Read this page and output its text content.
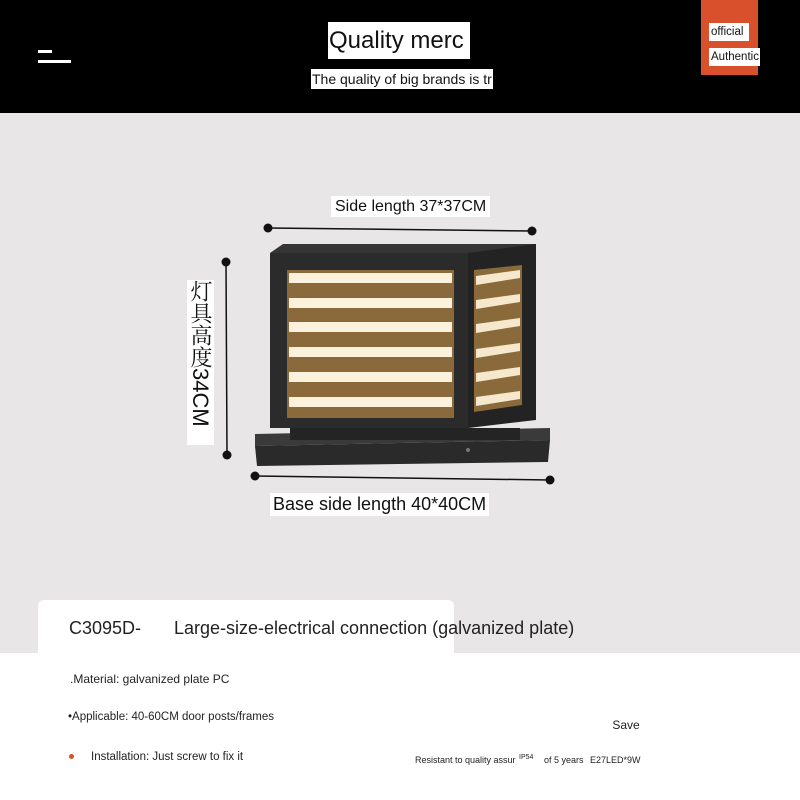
Quality merc
The quality of big brands is tr
official
Authentic
Side length 37*37CM
灯具高度34CM
Base side length 40*40CM
C3095D- Large-size-electrical connection (galvanized plate)
.Material: galvanized plate PC
•Applicable: 40-60CM door posts/frames
Installation: Just screw to fix it
Save
Resistant to quality assur IP54 of 5 years E27LED*9W
